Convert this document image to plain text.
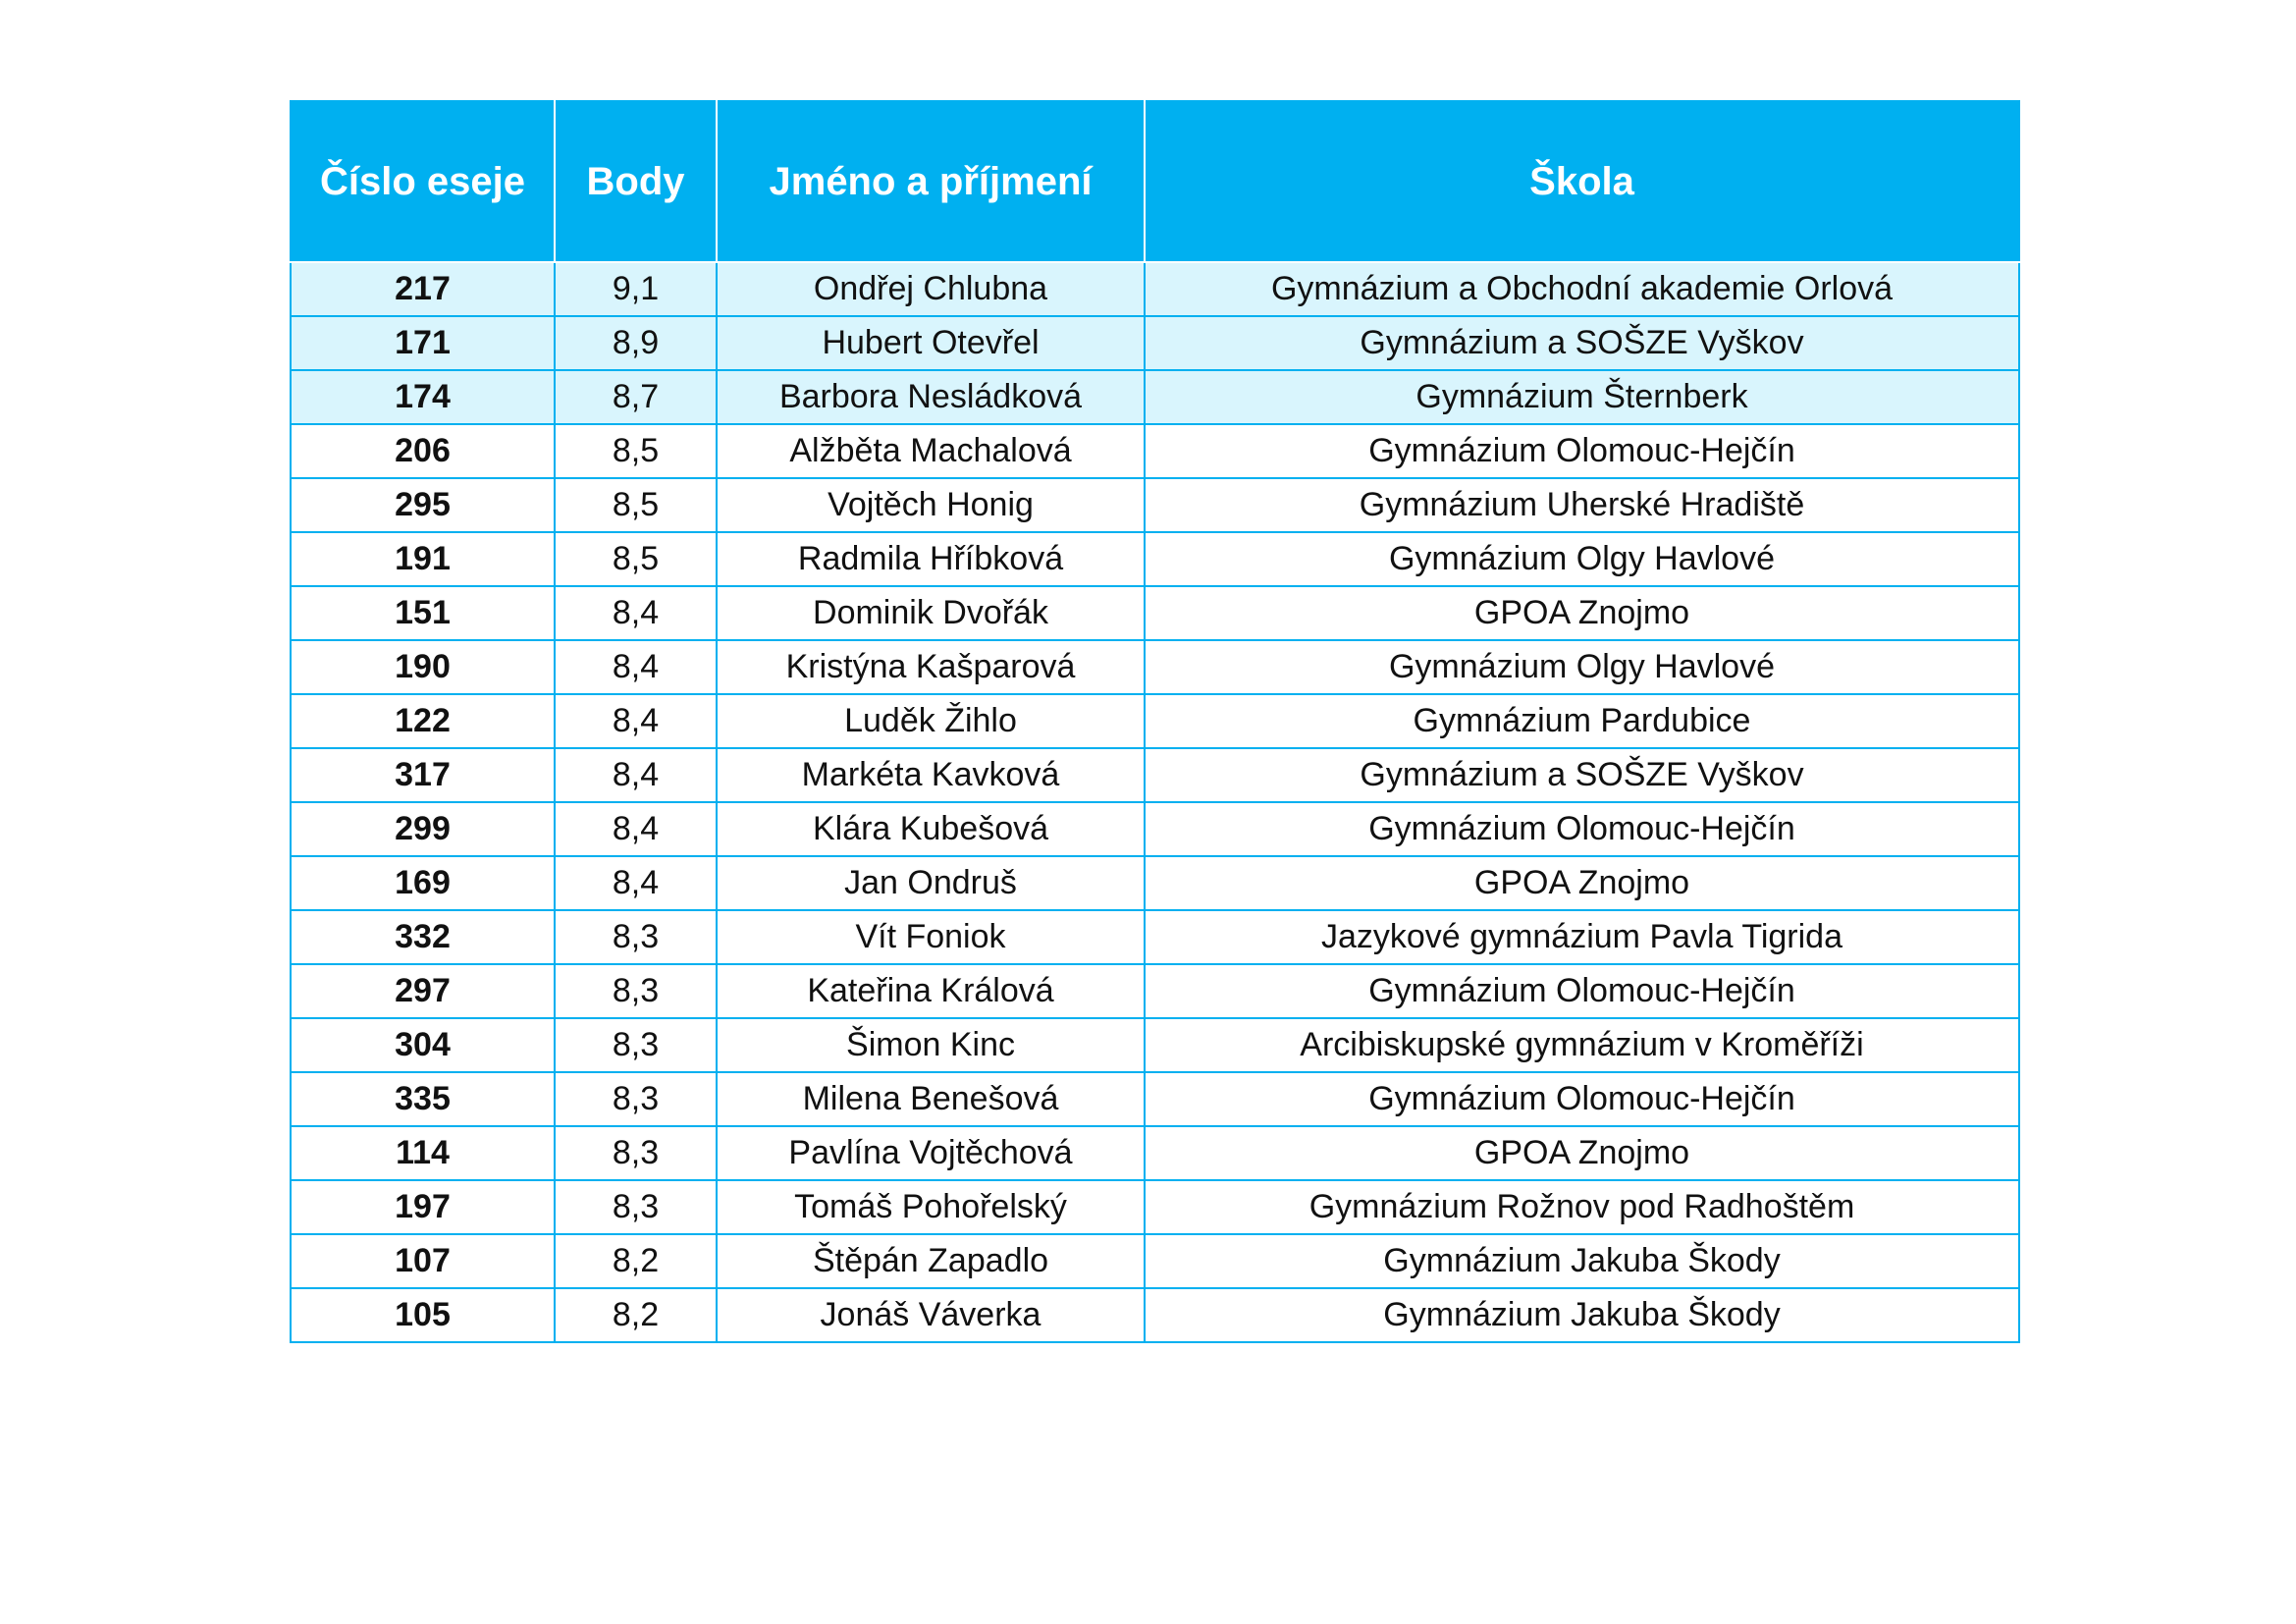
Číslo eseje	Body	Jméno a příjmení	Škola
217	9,1	Ondřej Chlubna	Gymnázium a Obchodní akademie Orlová
171	8,9	Hubert Otevřel	Gymnázium a SOŠZE Vyškov
174	8,7	Barbora Nesládková	Gymnázium Šternberk
206	8,5	Alžběta Machalová	Gymnázium Olomouc-Hejčín
295	8,5	Vojtěch Honig	Gymnázium Uherské Hradiště
191	8,5	Radmila Hříbková	Gymnázium Olgy Havlové
151	8,4	Dominik Dvořák	GPOA Znojmo
190	8,4	Kristýna Kašparová	Gymnázium Olgy Havlové
122	8,4	Luděk Žihlo	Gymnázium Pardubice
317	8,4	Markéta Kavková	Gymnázium a SOŠZE Vyškov
299	8,4	Klára Kubešová	Gymnázium Olomouc-Hejčín
169	8,4	Jan Ondruš	GPOA Znojmo
332	8,3	Vít Foniok	Jazykové gymnázium Pavla Tigrida
297	8,3	Kateřina Králová	Gymnázium Olomouc-Hejčín
304	8,3	Šimon Kinc	Arcibiskupské gymnázium v Kroměříži
335	8,3	Milena Benešová	Gymnázium Olomouc-Hejčín
114	8,3	Pavlína Vojtěchová	GPOA Znojmo
197	8,3	Tomáš Pohořelský	Gymnázium Rožnov pod Radhoštěm
107	8,2	Štěpán Zapadlo	Gymnázium Jakuba Škody
105	8,2	Jonáš Váverka	Gymnázium Jakuba Škody
